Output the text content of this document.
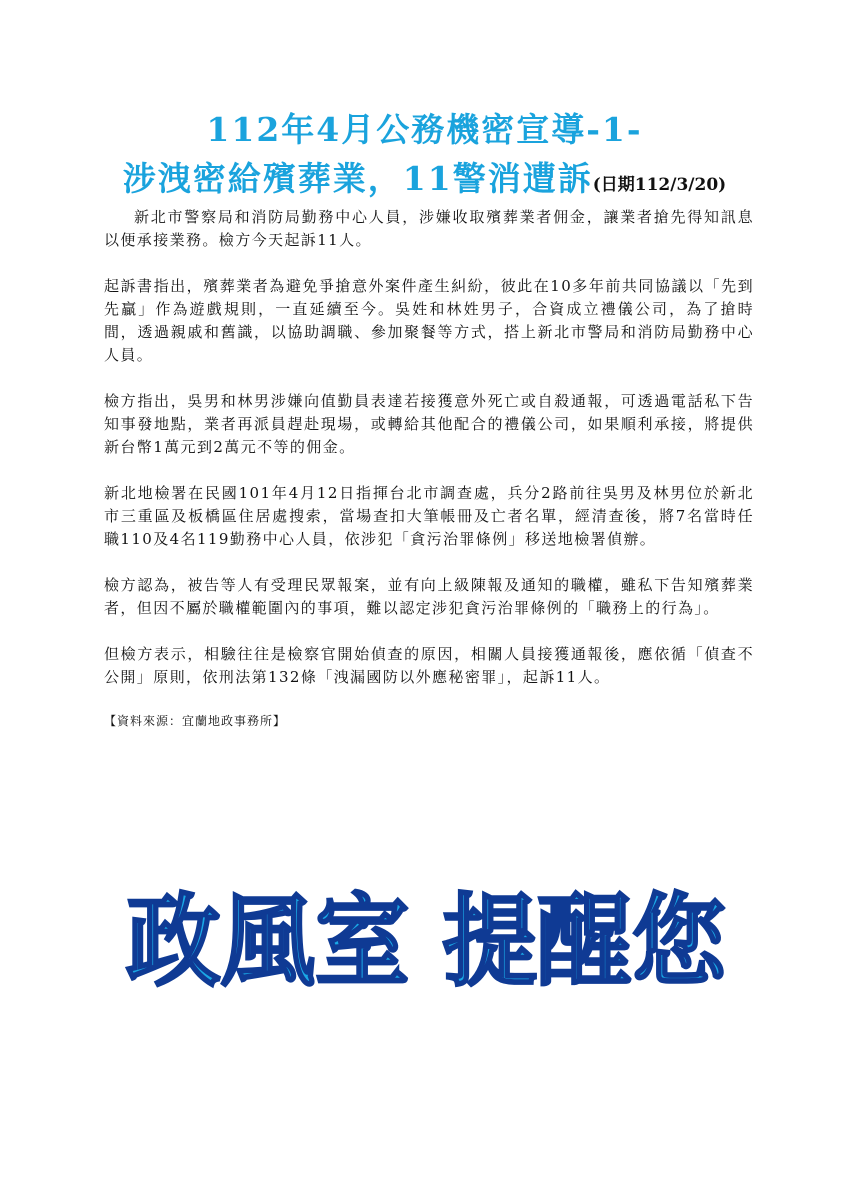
112年4月公務機密宣導-1-
涉洩密給殯葬業，11警消遭訴(日期112/3/20)

新北市警察局和消防局勤務中心人員，涉嫌收取殯葬業者佣金，讓業者搶先得知訊息以便承接業務。檢方今天起訴11人。

起訴書指出，殯葬業者為避免爭搶意外案件產生糾紛，彼此在10多年前共同協議以「先到先贏」作為遊戲規則，一直延續至今。吳姓和林姓男子，合資成立禮儀公司，為了搶時間，透過親戚和舊識，以協助調職、參加聚餐等方式，搭上新北市警局和消防局勤務中心人員。

檢方指出，吳男和林男涉嫌向值勤員表達若接獲意外死亡或自殺通報，可透過電話私下告知事發地點，業者再派員趕赴現場，或轉給其他配合的禮儀公司，如果順利承接，將提供新台幣1萬元到2萬元不等的佣金。

新北地檢署在民國101年4月12日指揮台北市調查處，兵分2路前往吳男及林男位於新北市三重區及板橋區住居處搜索，當場查扣大筆帳冊及亡者名單，經清查後，將7名當時任職110及4名119勤務中心人員，依涉犯「貪污治罪條例」移送地檢署偵辦。

檢方認為，被告等人有受理民眾報案，並有向上級陳報及通知的職權，雖私下告知殯葬業者，但因不屬於職權範圍內的事項，難以認定涉犯貪污治罪條例的「職務上的行為」。

但檢方表示，相驗往往是檢察官開始偵查的原因，相關人員接獲通報後，應依循「偵查不公開」原則，依刑法第132條「洩漏國防以外應秘密罪」，起訴11人。

【資料來源：宜蘭地政事務所】

政風室 提醒您
